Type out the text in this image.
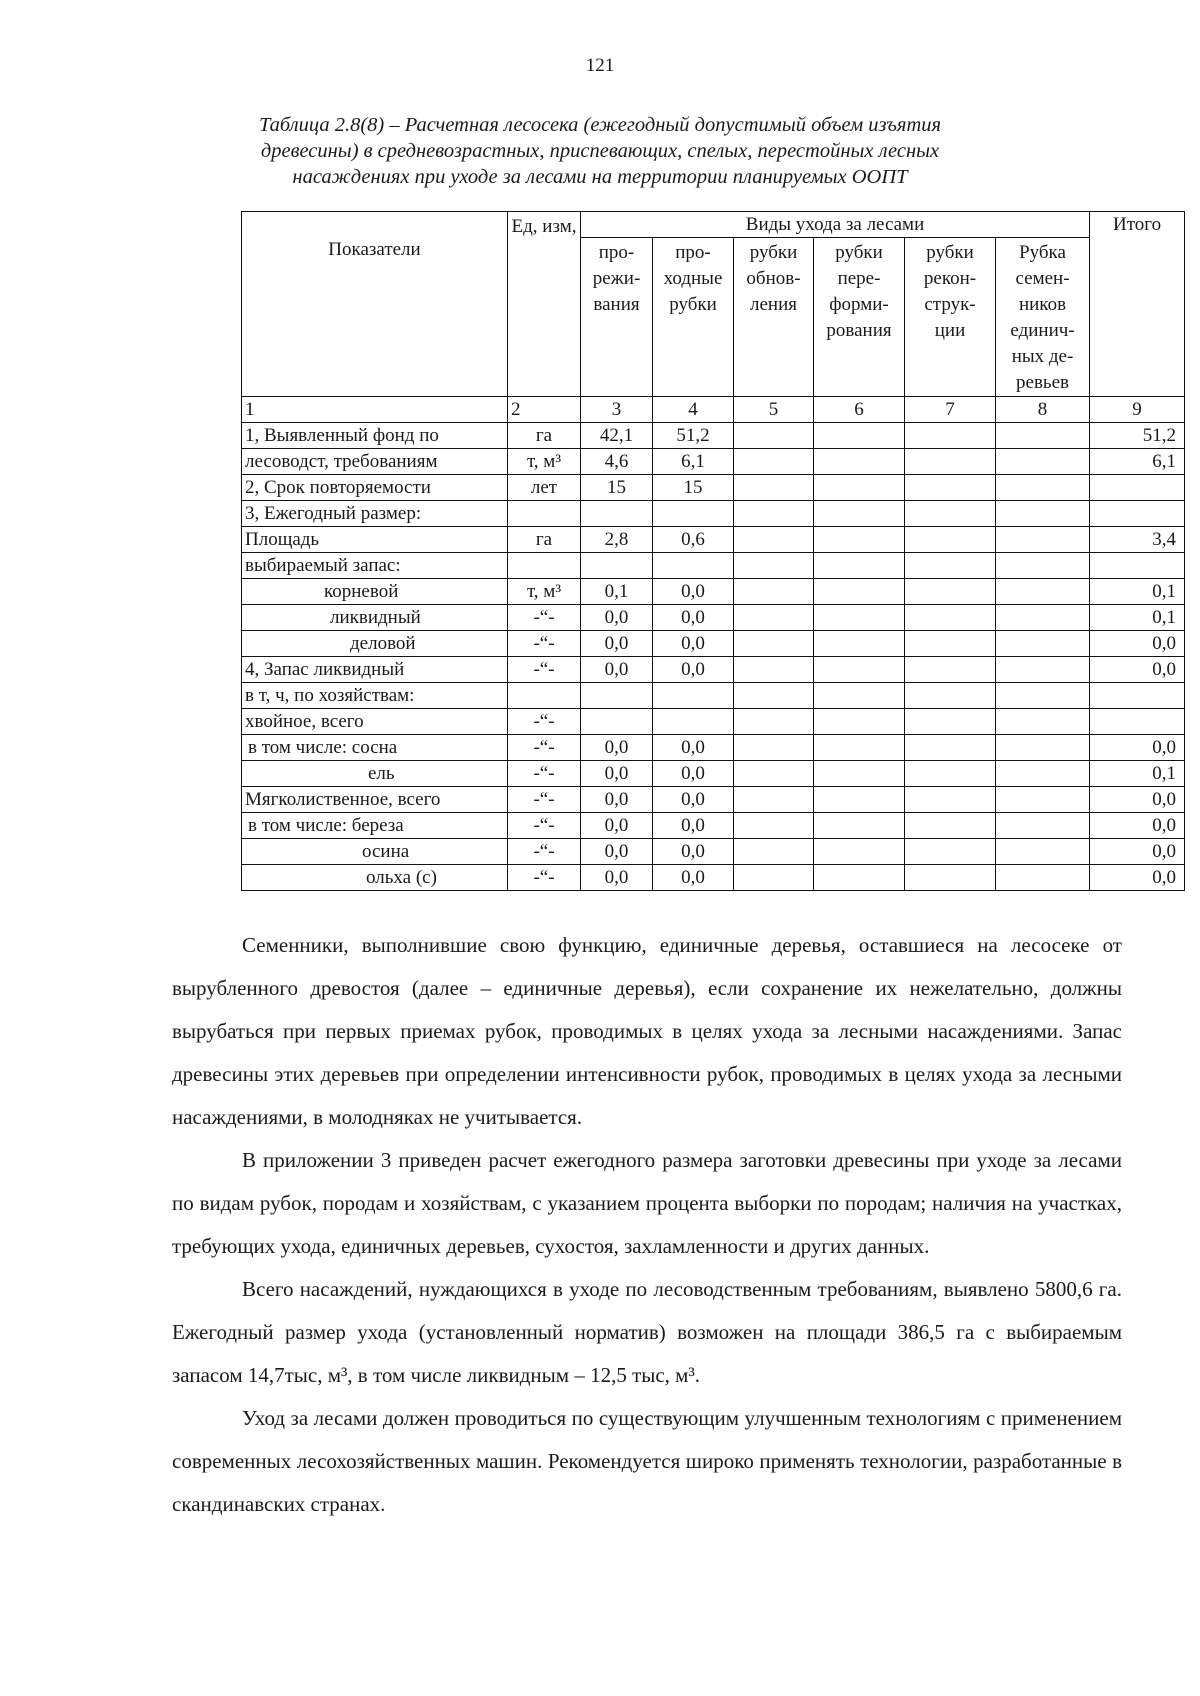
121
Таблица 2.8(8) – Расчетная лесосека (ежегодный допустимый объем изъятия
древесины) в средневозрастных, приспевающих, спелых, перестойных лесных
насаждениях при уходе за лесами на территории планируемых ООПТ
Показатели	Ед, изм,	Виды ухода за лесами						Итого
		про- режи- вания	про- ходные рубки	рубки обнов- ления	рубки пере- форми- рования	рубки рекон- струк- ции	Рубка семен- ников единич- ных де- ревьев	
1	2	3	4	5	6	7	8	9
1, Выявленный фонд по	га	42,1	51,2					51,2
лесоводст, требованиям	т, м³	4,6	6,1					6,1
2, Срок повторяемости	лет	15	15					
3, Ежегодный размер:								
Площадь	га	2,8	0,6					3,4
выбираемый запас:								
корневой	т, м³	0,1	0,0					0,1
ликвидный	-“-	0,0	0,0					0,1
деловой	-“-	0,0	0,0					0,0
4, Запас ликвидный	-“-	0,0	0,0					0,0
в т, ч, по хозяйствам:								
хвойное, всего	-“-							
в том числе: сосна	-“-	0,0	0,0					0,0
ель	-“-	0,0	0,0					0,1
Мягколиственное, всего	-“-	0,0	0,0					0,0
в том числе: береза	-“-	0,0	0,0					0,0
осина	-“-	0,0	0,0					0,0
ольха (с)	-“-	0,0	0,0					0,0

Семенники, выполнившие свою функцию, единичные деревья, оставшиеся на лесосеке от вырубленного древостоя (далее – единичные деревья), если сохранение их нежелательно, должны вырубаться при первых приемах рубок, проводимых в целях ухода за лесными насаждениями. Запас древесины этих деревьев при определении интенсивности рубок, проводимых в целях ухода за лесными насаждениями, в молодняках не учитывается.

В приложении 3 приведен расчет ежегодного размера заготовки древесины при уходе за лесами по видам рубок, породам и хозяйствам, с указанием процента выборки по породам; наличия на участках, требующих ухода, единичных деревьев, сухостоя, захламленности и других данных.

Всего насаждений, нуждающихся в уходе по лесоводственным требованиям, выявлено 5800,6 га. Ежегодный размер ухода (установленный норматив) возможен на площади 386,5 га с выбираемым запасом 14,7тыс, м³, в том числе ликвидным – 12,5 тыс, м³.

Уход за лесами должен проводиться по существующим улучшенным технологиям с применением современных лесохозяйственных машин. Рекомендуется широко применять технологии, разработанные в скандинавских странах.
